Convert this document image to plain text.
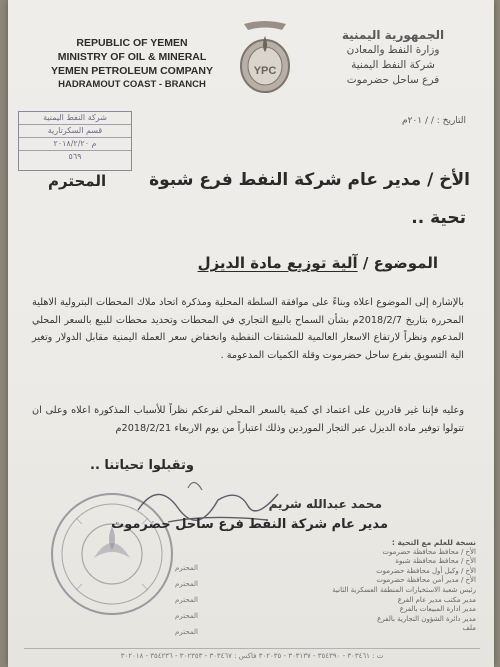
REPUBLIC OF YEMEN
MINISTRY OF OIL & MINERAL
YEMEN PETROLEUM COMPANY
HADRAMOUT COAST - BRANCH
YPC
الجمهورية اليمنية
وزارة النفط والمعادن
شركة النفط اليمنية
فرع ساحل حضرموت
شركة النفط اليمنية
قسم السكرتارية
م ٢٠١٨/٢/٢٠
٥٦٩
التاريخ : / / ٢٠١م
الأخ / مدير عام شركة النفط فرع شبوة
المحترم
تحية ..
الموضوع / آلية توزيع مادة الديزل
بالإشارة إلى الموضوع اعلاه وبناءً على موافقة السلطة المحلية ومذكرة اتحاد ملاك المحطات البترولية الاهلية المحررة بتاريخ 2018/2/7م بشأن السماح بالبيع التجاري في المحطات وتحديد محطات للبيع بالسعر المحلي المدعوم ونظراً لارتفاع الاسعار العالمية للمشتقات النفطية وانخفاض سعر العملة اليمنية مقابل الدولار وتغير الية التسويق بفرع ساحل حضرموت وقلة الكميات المدعومة .
وعليه فإننا غير قادرين على اعتماد اي كمية بالسعر المحلي لفرعكم نظراً للأسباب المذكورة اعلاه وعلى ان تتولوا توفير مادة الديزل عبر التجار الموردين وذلك اعتباراً من يوم الاربعاء 2018/2/21م
وتقبلوا تحياتنا ..
محمد عبدالله شريم
مدير عام شركة النفط فرع ساحل حضرموت
نسخة للعلم مع التحية :
الأخ / محافظ محافظة حضرموت
الأخ / محافظ محافظة شبوة
الأخ / وكيل أول محافظة حضرموت
الأخ / مدير أمن محافظة حضرموت
رئيس شعبة الاستخبارات المنطقة العسكرية الثانية
مدير مكتب مدير عام الفرع
مدير ادارة المبيعات بالفرع
مدير دائرة الشؤون التجارية بالفرع
ملف
المحترم
المحترم
المحترم
المحترم
المحترم
ت : ٣٠٣٤٦١ - ٣٥٤٣٩٠ - ٣٠٣١٣٧ - ٣٠٢٠٣٥ فاكس : ٣٠٣٤٦٧ - ٣٠٢٣٥٣ - ٣٥٤٢٣٦ - ٣٠٢٠١٨
